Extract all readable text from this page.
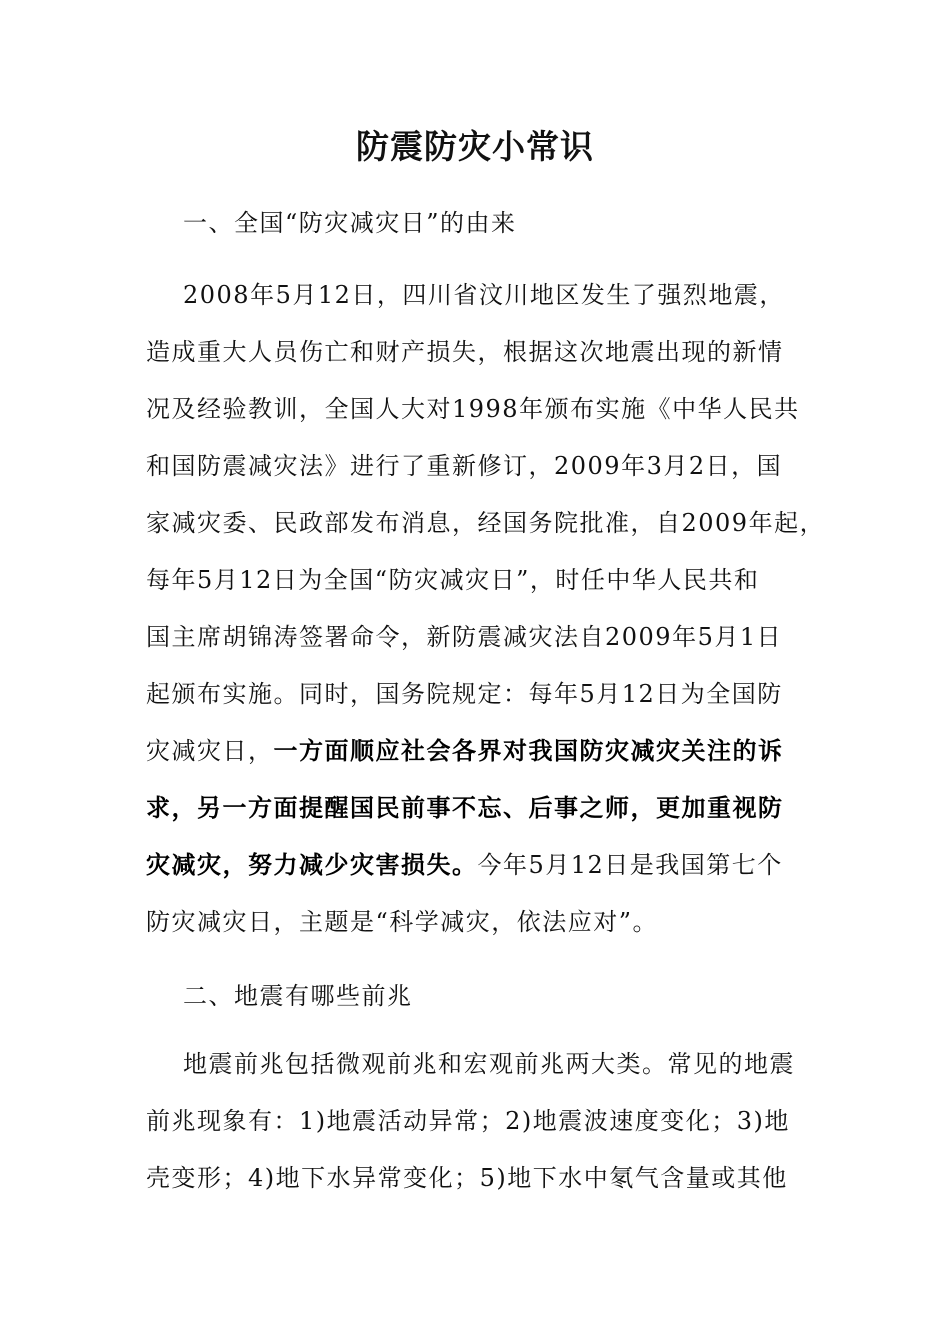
防震防灾小常识

一、全国“防灾减灾日”的由来

2008年5月12日，四川省汶川地区发生了强烈地震，

造成重大人员伤亡和财产损失，根据这次地震出现的新情

况及经验教训，全国人大对1998年颁布实施《中华人民共

和国防震减灾法》进行了重新修订，2009年3月2日，国

家减灾委、民政部发布消息，经国务院批准，自2009年起，

每年5月12日为全国“防灾减灾日”，时任中华人民共和

国主席胡锦涛签署命令，新防震减灾法自2009年5月1日

起颁布实施。同时，国务院规定：每年5月12日为全国防

灾减灾日，一方面顺应社会各界对我国防灾减灾关注的诉

求，另一方面提醒国民前事不忘、后事之师，更加重视防

灾减灾，努力减少灾害损失。今年5月12日是我国第七个

防灾减灾日，主题是“科学减灾，依法应对”。

二、地震有哪些前兆

地震前兆包括微观前兆和宏观前兆两大类。常见的地震

前兆现象有：1)地震活动异常；2)地震波速度变化；3)地

壳变形；4)地下水异常变化；5)地下水中氡气含量或其他
